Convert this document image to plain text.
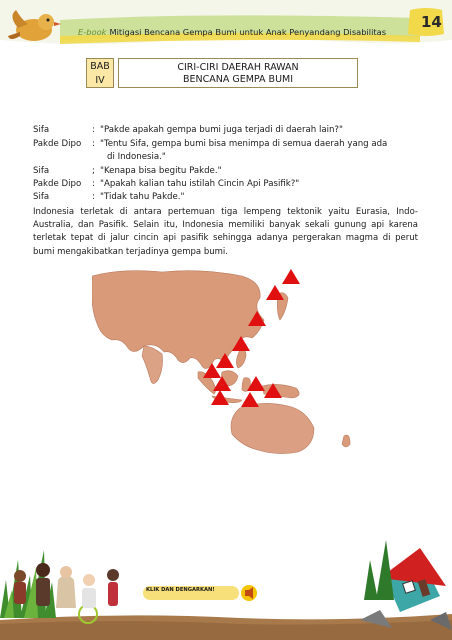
E-book Mitigasi Bencana Gempa Bumi untuk Anak Penyandang Disabilitas
14
BAB
IV
CIRI-CIRI DAERAH RAWAN
BENCANA GEMPA BUMI
Sifa	: "Pakde apakah gempa bumi juga terjadi di daerah lain?"
Pakde Dipo : "Tentu Sifa, gempa bumi bisa menimpa di semua daerah yang ada
di Indonesia."
Sifa	; "Kenapa bisa begitu Pakde."
Pakde Dipo : "Apakah kalian tahu istilah Cincin Api Pasifik?"
Sifa	: "Tidak tahu Pakde."
Indonesia terletak di antara pertemuan tiga lempeng tektonik yaitu Eurasia, Indo-Australia, dan Pasifik. Selain itu, Indonesia memiliki banyak sekali gunung api karena terletak tepat di jalur cincin api pasifik sehingga adanya pergerakan magma di perut bumi mengakibatkan terjadinya gempa bumi.
KLIK DAN DENGARKAN!
